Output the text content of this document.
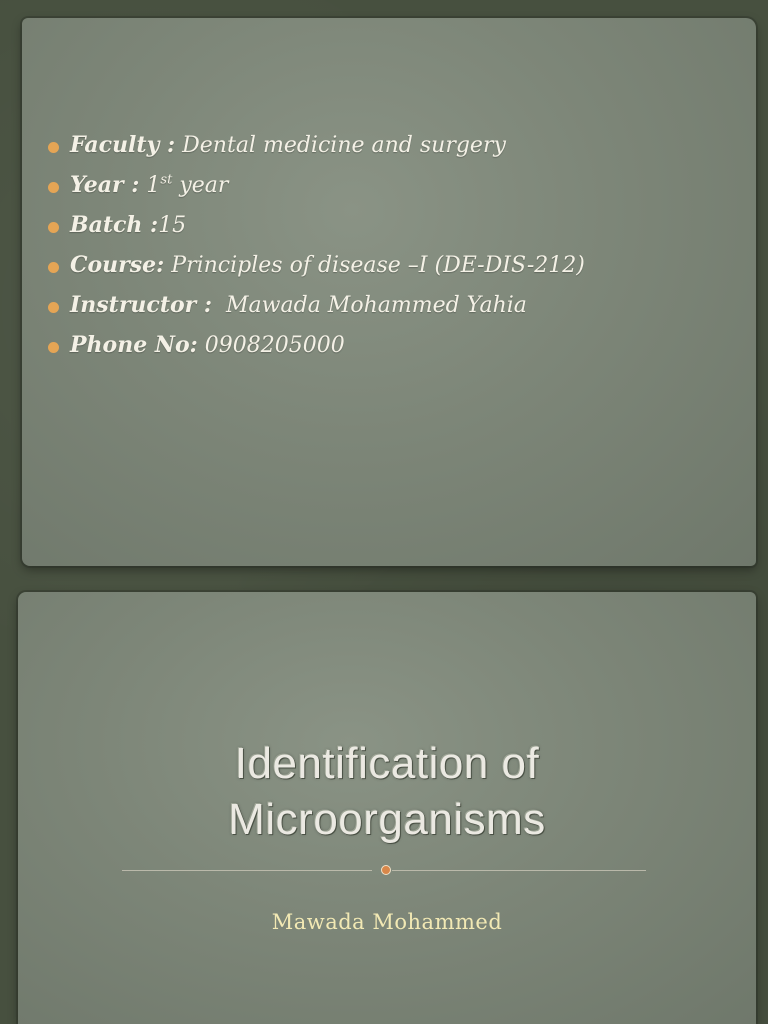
Faculty : Dental medicine and surgery
Year : 1st year
Batch :15
Course: Principles of disease –I (DE-DIS-212)
Instructor :  Mawada Mohammed Yahia
Phone No: 0908205000
Identification of
Microorganisms
Mawada Mohammed
